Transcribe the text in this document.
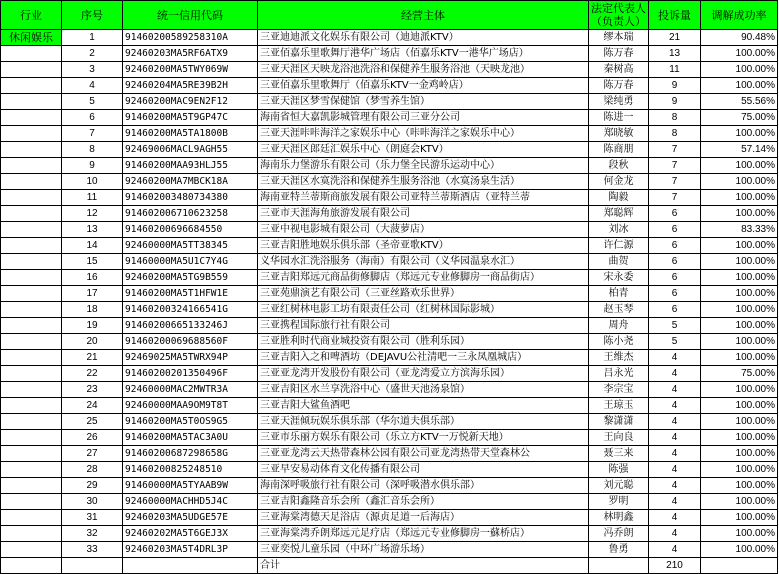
行业	序号	统一信用代码	经营主体	法定代表人（负责人）	投诉量	调解成功率
休闲娱乐	1	91460200589258310A	三亚迪迪派文化娱乐有限公司（迪迪派KTV）	缪本瑞	21	90.48%
	2	92460203MA5RF6ATX9	三亚佰嘉乐里歌舞厅港华广场店（佰嘉乐KTV一港华广场店）	陈万春	13	100.00%
	3	92460200MA5TWY069W	三亚天涯区天映龙浴池洗浴和保健养生服务浴池（天映龙池）	秦树高	11	100.00%
	4	92460204MA5RE39B2H	三亚佰嘉乐里歌舞厅（佰嘉乐KTV一金鸡岭店）	陈万春	9	100.00%
	5	92460200MAC9EN2F12	三亚天涯区梦雪保健馆（梦雪养生馆）	梁纯勇	9	55.56%
	6	91460200MA5T9GP47C	海南省恒大嘉凯影城管理有限公司三亚分公司	陈进一	8	75.00%
	7	91460200MA5TA1800B	三亚天涯咔咔海洋之家娱乐中心（咔咔海洋之家娱乐中心）	郑晓敏	8	100.00%
	8	92469006MACL9AGH55	三亚天涯区郎廷汇娱乐中心（朗庭会KTV）	陈商朋	7	57.14%
	9	91460200MAA93HLJ55	海南乐力堡游乐有限公司（乐力堡全民游乐运动中心）	段秋	7	100.00%
	10	92460200MA7MBCK18A	三亚天涯区水寞洗浴和保健养生服务浴池（水寞汤泉生活）	何金龙	7	100.00%
	11	914602003480734380	海南亚特兰蒂斯商旅发展有限公司亚特兰蒂斯酒店（亚特兰蒂	陶毅	7	100.00%
	12	914602006710623258	三亚市天涯海角旅游发展有限公司	郑聪辉	6	100.00%
	13	91460200696684550	三亚中视电影城有限公司（大菠萝店）	刘冰	6	83.33%
	14	92460000MA5TT38345	三亚吉阳胜地娱乐俱乐部（圣帝亚歌KTV）	许仁源	6	100.00%
	15	91460000MA5U1C7Y4G	义华园水汇洗浴服务（海南）有限公司（义华园温泉水汇）	曲贺	6	100.00%
	16	92460200MA5TG9B559	三亚吉阳郑远元商品街修脚店（郑远元专业修脚房一商品街店）	宋永委	6	100.00%
	17	91460200MA5T1HFW1E	三亚苑鼎演艺有限公司（三亚丝路欢乐世界）	柏青	6	100.00%
	18	91460200324166541G	三亚红树林电影工坊有限责任公司（红树林国际影城）	赵玉琴	6	100.00%
	19	91460200665133246J	三亚携程国际旅行社有限公司	周舟	5	100.00%
	20	91460200069688560F	三亚胜利时代商业城投资有限公司（胜利乐园）	陈小尧	5	100.00%
	21	92469025MA5TWRX94P	三亚吉阳入之和啤酒坊（DEJAVU公社清吧一三永凤凰城店）	王维杰	4	100.00%
	22	91460200201350496F	三亚亚龙湾开发股份有限公司（亚龙湾爱立方滨海乐园）	吕永光	4	75.00%
	23	92460000MAC2MWTR3A	三亚吉阳区水兰享洗浴中心（盛世天池汤泉馆）	李宗宝	4	100.00%
	24	92460000MAA9OM9T8T	三亚吉阳大鲨鱼酒吧	王琼玉	4	100.00%
	25	91460200MA5T0OS9G5	三亚天涯倾玩娱乐俱乐部（华尔道夫俱乐部）	黎潇潇	4	100.00%
	26	91460200MA5TAC3A0U	三亚市乐丽方娱乐有限公司（乐立方KTV一万悦新天地）	王向良	4	100.00%
	27	91460200687298658G	三亚亚龙湾云天热带森林公园有限公司亚龙湾热带天堂森林公	聂三来	4	100.00%
	28	91460200825248510	三亚早安易动体育文化传播有限公司	陈强	4	100.00%
	29	91460000MA5TYAAB9W	海南深呼吸旅行社有限公司（深呼吸潜水俱乐部）	刘元聪	4	100.00%
	30	92460000MACHHD5J4C	三亚吉阳鑫隆音乐会所（鑫汇音乐会所）	罗明	4	100.00%
	31	92460203MA5UDGE57E	三亚海棠湾德天足浴店（源贞足道一后海店）	林明鑫	4	100.00%
	32	92460202MA5T6GEJ3X	三亚海棠湾乔朗郑远元足疗店（郑远元专业修脚房一蘇桥店）	冯乔朗	4	100.00%
	33	92460203MA5T4DRL3P	三亚奕悦儿童乐园（中环广场游乐场）	鲁勇	4	100.00%
			合计		210	
